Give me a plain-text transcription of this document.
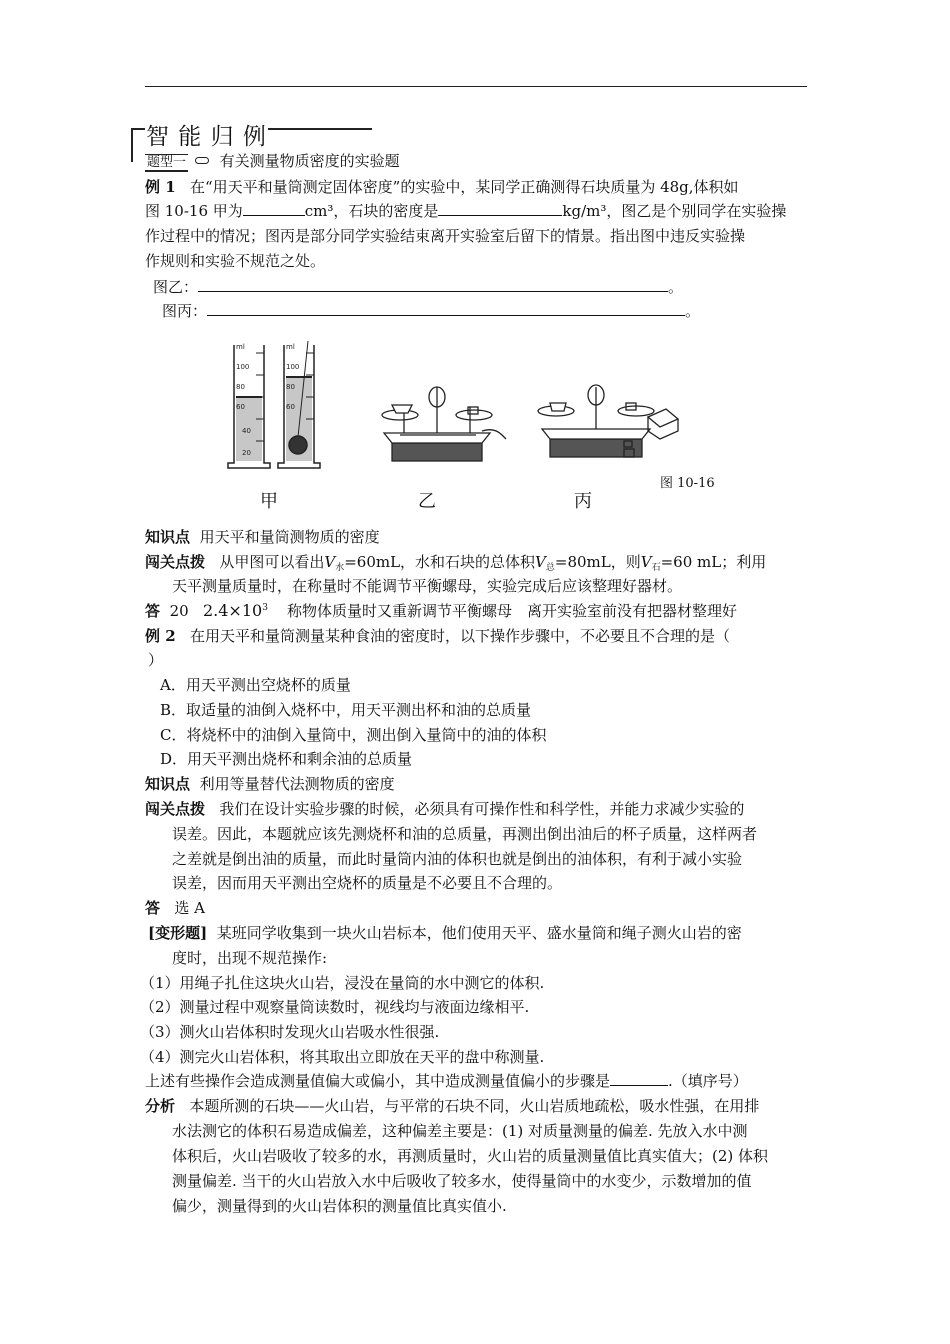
智 能 归 例
题型一 有关测量物质密度的实验题
例 1 在“用天平和量筒测定固体密度”的实验中，某同学正确测得石块质量为 48g,体积如
图 10-16 甲为	cm³，石块的密度是	kg/m³，图乙是个别同学在实验操
作过程中的情况；图丙是部分同学实验结束离开实验室后留下的情景。指出图中违反实验操
作规则和实验不规范之处。
图乙：	。
图丙：	。
ml
100
80
60
40
20
ml
100
80
60
甲	乙	丙
图 10-16
知识点 用天平和量筒测物质的密度
闯关点拨 从甲图可以看出$V_水=60mL$，水和石块的总体积$V_总=80mL$，则$V_石=60$ mL；利用
天平测量质量时，在称量时不能调节平衡螺母，实验完成后应该整理好器材。
答 20 $2.4\times 10^3$ 称物体质量时又重新调节平衡螺母　离开实验室前没有把器材整理好
例 2 在用天平和量筒测量某种食油的密度时，以下操作步骤中，不必要且不合理的是（
）
A．用天平测出空烧杯的质量
B．取适量的油倒入烧杯中，用天平测出杯和油的总质量
C．将烧杯中的油倒入量筒中，测出倒入量筒中的油的体积
D．用天平测出烧杯和剩余油的总质量
知识点 利用等量替代法测物质的密度
闯关点拨 我们在设计实验步骤的时候，必须具有可操作性和科学性，并能力求减少实验的
误差。因此，本题就应该先测烧杯和油的总质量，再测出倒出油后的杯子质量，这样两者
之差就是倒出油的质量，而此时量筒内油的体积也就是倒出的油体积，有利于减小实验
误差，因而用天平测出空烧杯的质量是不必要且不合理的。
答 选 A
[变形题] 某班同学收集到一块火山岩标本，他们使用天平、盛水量筒和绳子测火山岩的密
度时，出现不规范操作:
（1）用绳子扎住这块火山岩，浸没在量筒的水中测它的体积.
（2）测量过程中观察量筒读数时，视线均与液面边缘相平.
（3）测火山岩体积时发现火山岩吸水性很强.
（4）测完火山岩体积，将其取出立即放在天平的盘中称测量.
上述有些操作会造成测量值偏大或偏小，其中造成测量值偏小的步骤是	.（填序号）
分析 本题所测的石块——火山岩，与平常的石块不同，火山岩质地疏松，吸水性强，在用排
水法测它的体积石易造成偏差，这种偏差主要是：(1) 对质量测量的偏差. 先放入水中测
体积后，火山岩吸收了较多的水，再测质量时，火山岩的质量测量值比真实值大；(2) 体积
测量偏差. 当干的火山岩放入水中后吸收了较多水，使得量筒中的水变少，示数增加的值
偏少，测量得到的火山岩体积的测量值比真实值小.
